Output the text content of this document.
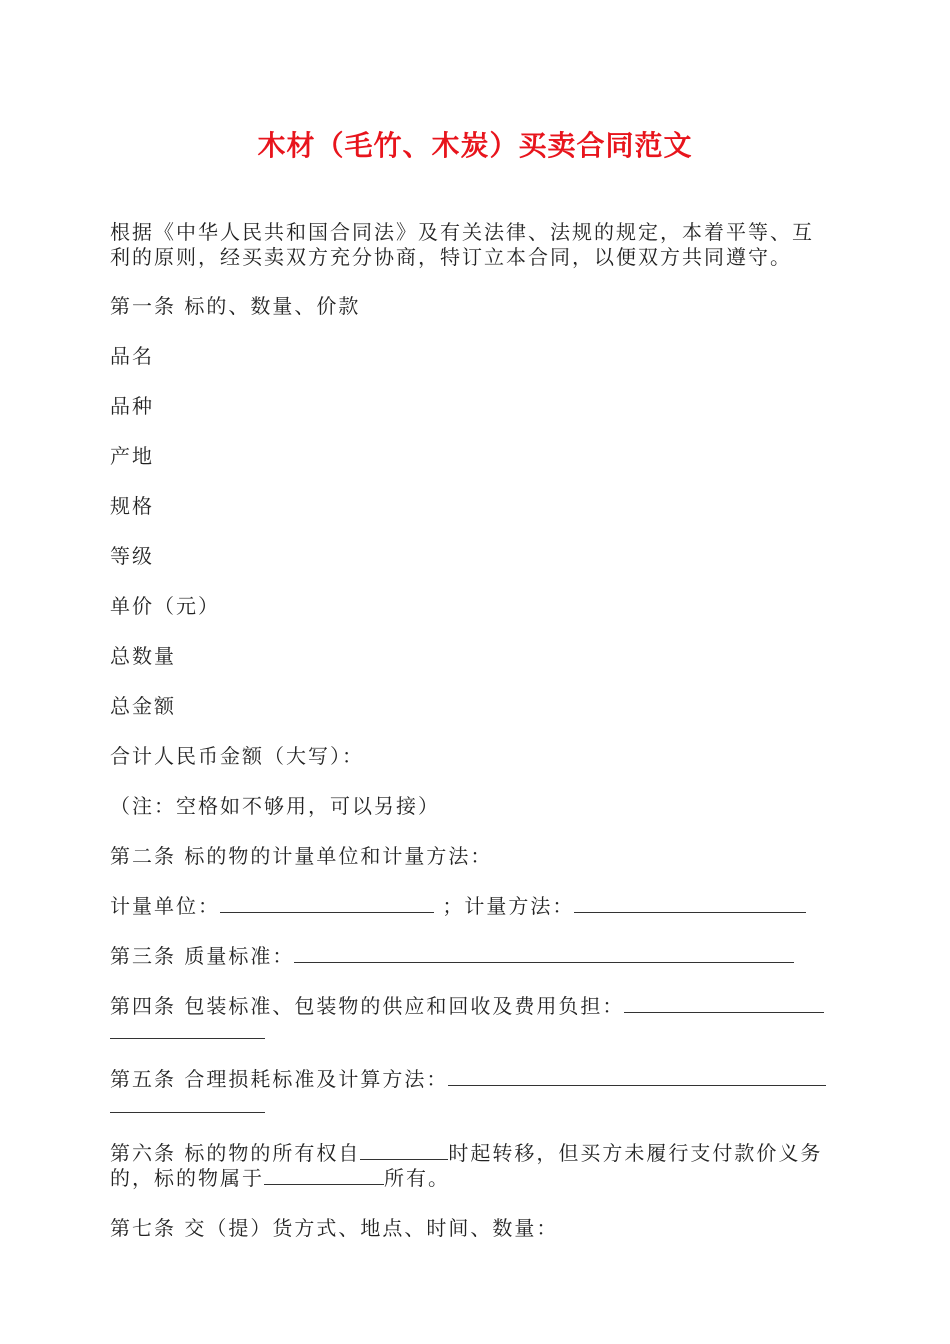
木材（毛竹、木炭）买卖合同范文
根据《中华人民共和国合同法》及有关法律、法规的规定，本着平等、互
利的原则，经买卖双方充分协商，特订立本合同，以便双方共同遵守。
第一条 标的、数量、价款
品名
品种
产地
规格
等级
单价（元）
总数量
总金额
合计人民币金额（大写）：
（注：空格如不够用，可以另接）
第二条 标的物的计量单位和计量方法：
计量单位：	；计量方法：
第三条 质量标准：
第四条 包装标准、包装物的供应和回收及费用负担：
第五条 合理损耗标准及计算方法：
第六条 标的物的所有权自	时起转移，但买方未履行支付款价义务
的，标的物属于	所有。
第七条 交（提）货方式、地点、时间、数量：
